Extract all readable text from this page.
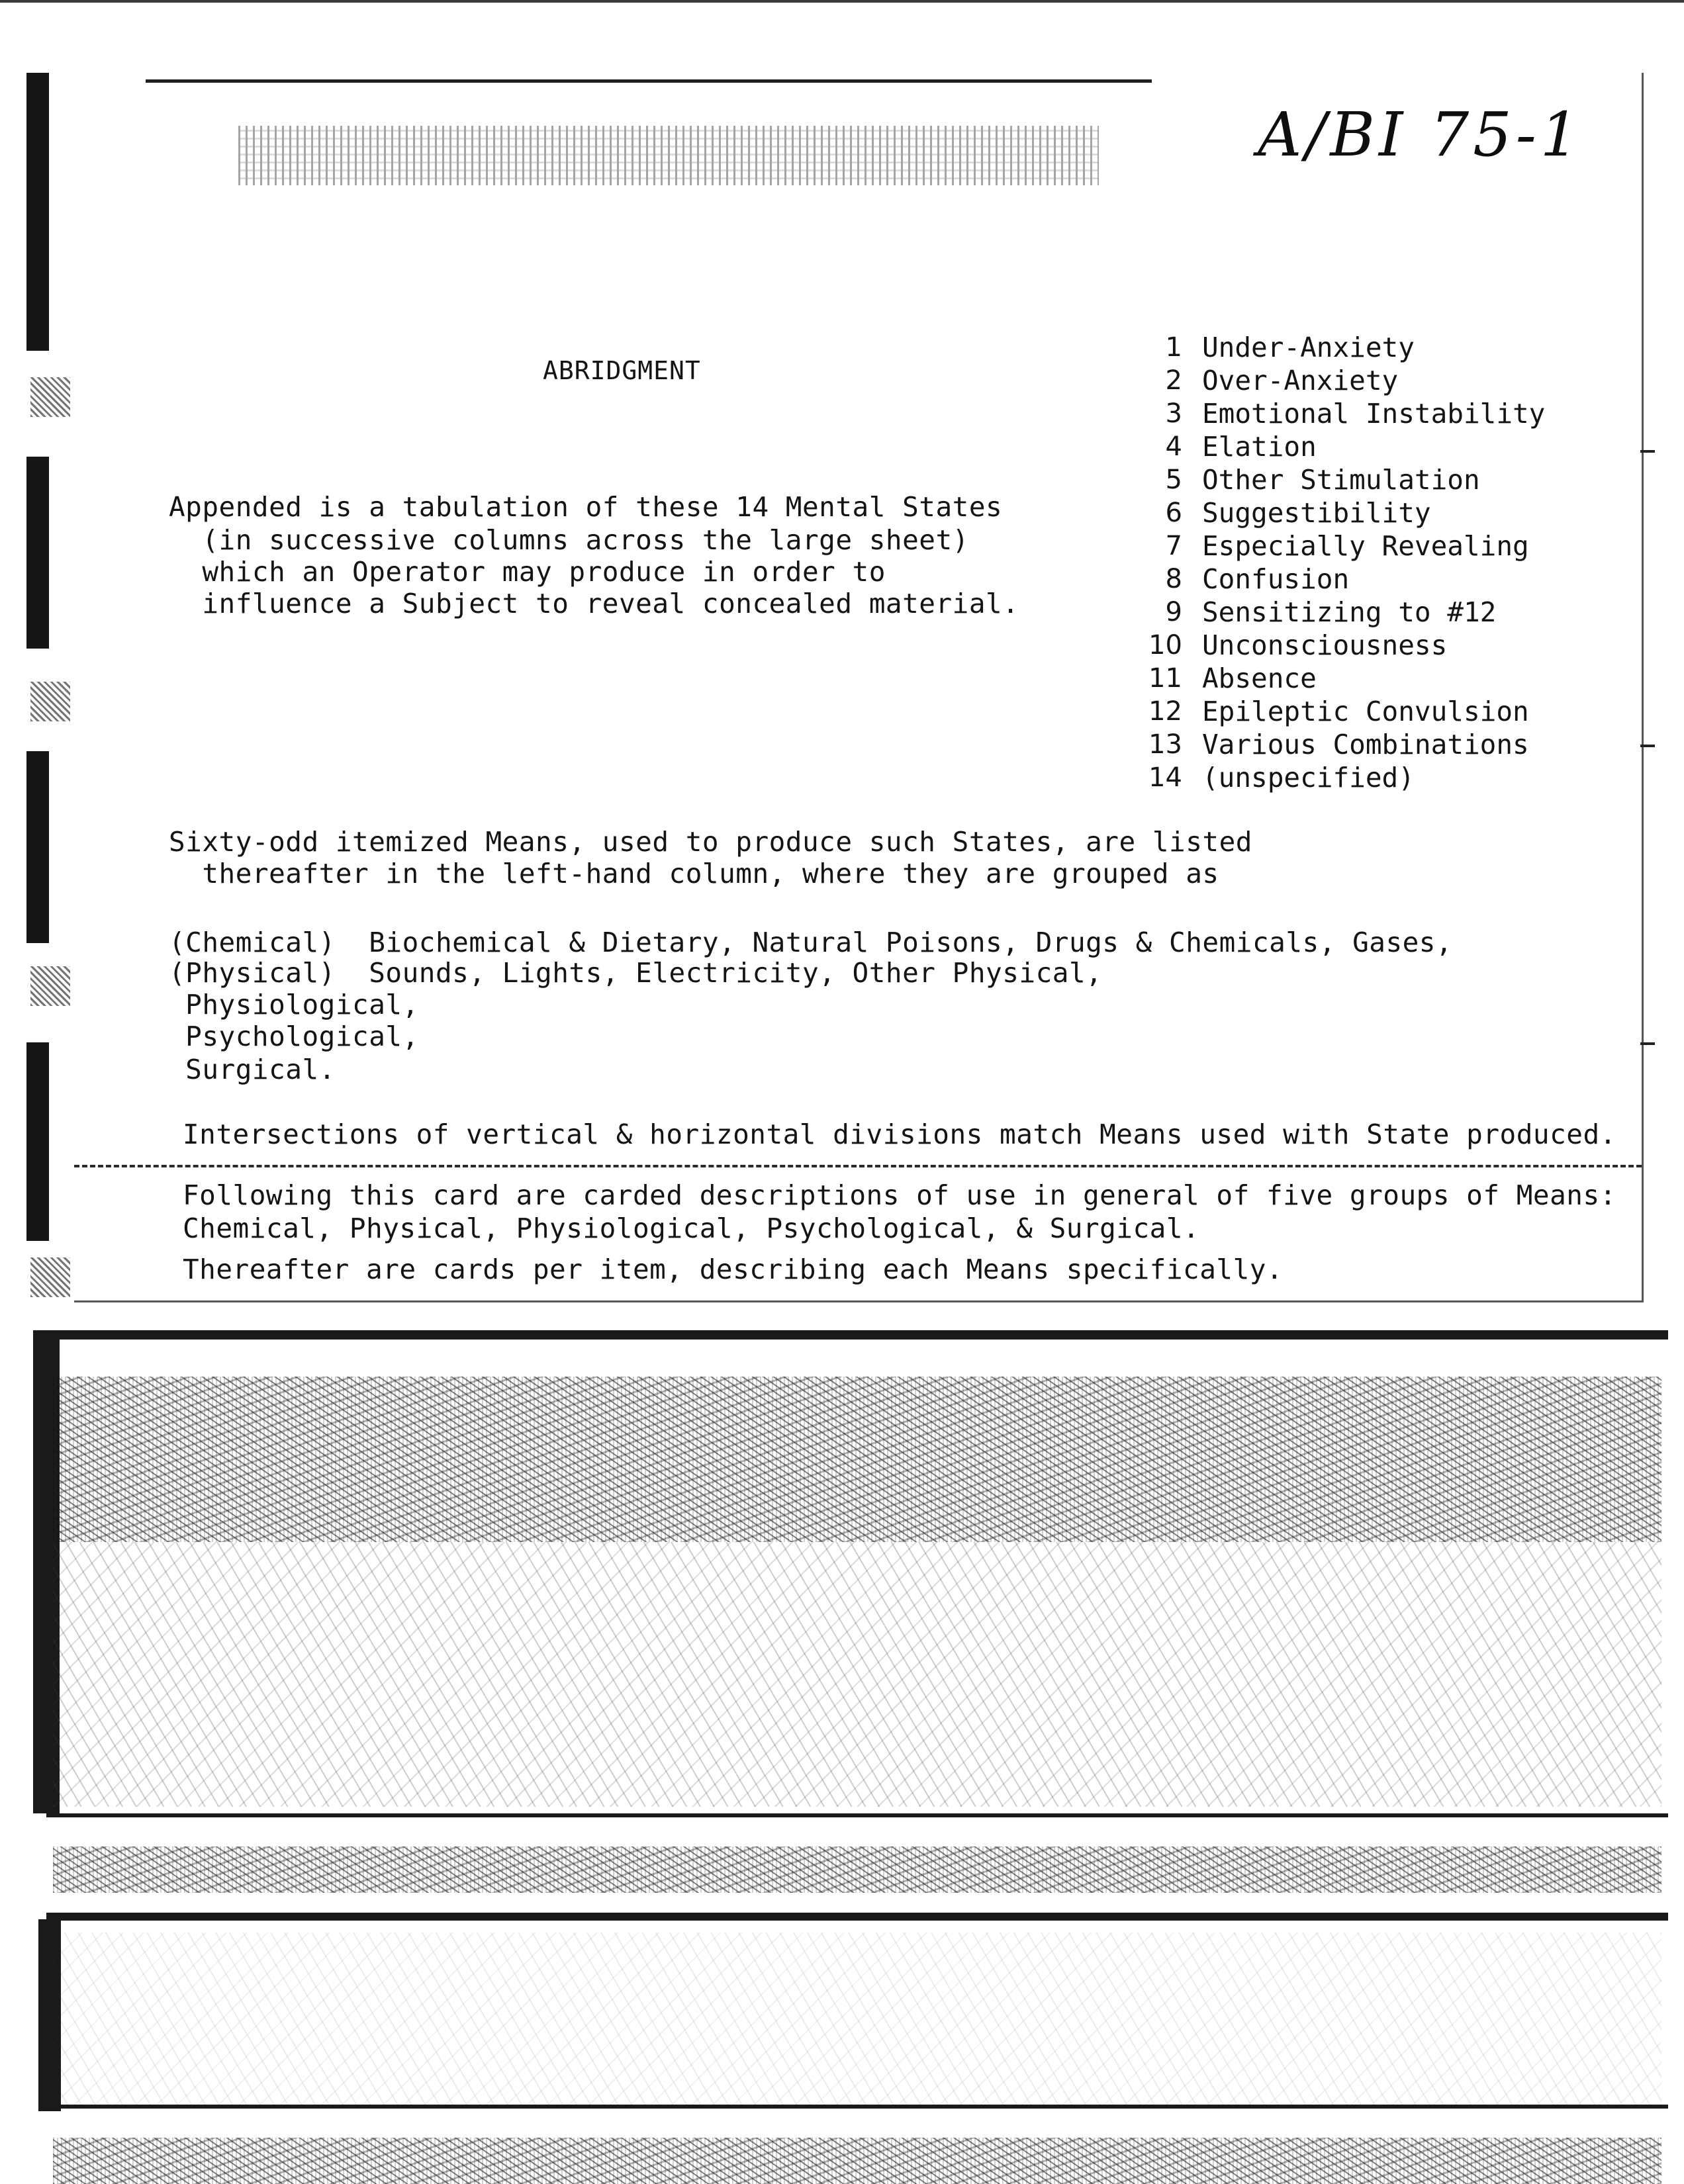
A/BI 75-1
ABRIDGMENT
Appended is a tabulation of these 14 Mental States
(in successive columns across the large sheet)
which an Operator may produce in order to
influence a Subject to reveal concealed material.
1 Under-Anxiety
2 Over-Anxiety
3 Emotional Instability
4 Elation
5 Other Stimulation
6 Suggestibility
7 Especially Revealing
8 Confusion
9 Sensitizing to #12
10 Unconsciousness
11 Absence
12 Epileptic Convulsion
13 Various Combinations
14 (unspecified)
Sixty-odd itemized Means, used to produce such States, are listed
thereafter in the left-hand column, where they are grouped as
(Chemical)  Biochemical & Dietary, Natural Poisons, Drugs & Chemicals, Gases,
(Physical)  Sounds, Lights, Electricity, Other Physical,
Physiological,
Psychological,
Surgical.
Intersections of vertical & horizontal divisions match Means used with State produced.
Following this card are carded descriptions of use in general of five groups of Means:
Chemical, Physical, Physiological, Psychological, & Surgical.
Thereafter are cards per item, describing each Means specifically.
